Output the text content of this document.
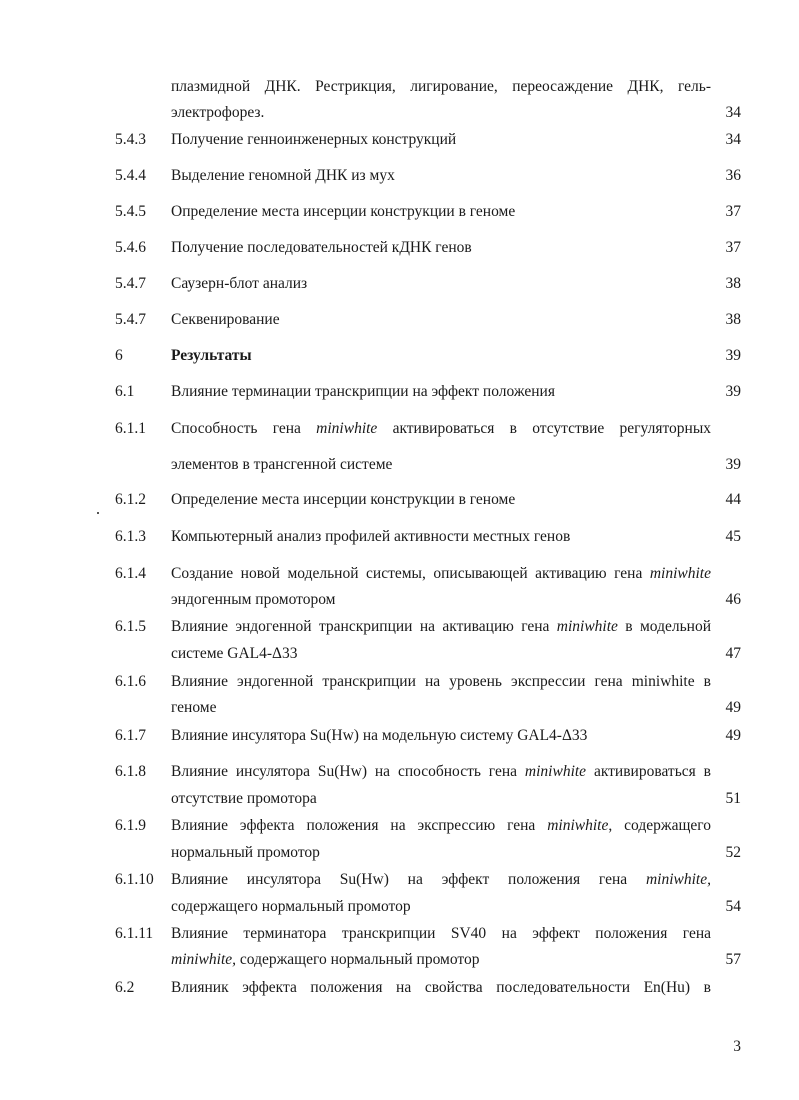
плазмидной ДНК. Рестрикция, лигирование, переосаждение ДНК, гель-
электрофорез.	34
5.4.3 Получение генноинженерных конструкций	34
5.4.4 Выделение геномной ДНК из мух	36
5.4.5 Определение места инсерции конструкции в геноме	37
5.4.6 Получение последовательностей кДНК генов	37
5.4.7 Саузерн-блот анализ	38
5.4.7 Секвенирование	38
6	Результаты	39
6.1 Влияние терминации транскрипции на эффект положения	39
6.1.1 Способность гена miniwhite активироваться в отсутствие регуляторных
элементов в трансгенной системе	39
6.1.2 Определение места инсерции конструкции в геноме	44
6.1.3 Компьютерный анализ профилей активности местных генов	45
6.1.4 Создание новой модельной системы, описывающей активацию гена miniwhite
эндогенным промотором	46
6.1.5 Влияние эндогенной транскрипции на активацию гена miniwhite в модельной
системе GAL4-Δ33	47
6.1.6 Влияние эндогенной транскрипции на уровень экспрессии гена miniwhite в
геноме	49
6.1.7 Влияние инсулятора Su(Hw) на модельную систему GAL4-Δ33	49
6.1.8 Влияние инсулятора Su(Hw) на способность гена miniwhite активироваться в
отсутствие промотора	51
6.1.9 Влияние эффекта положения на экспрессию гена miniwhite, содержащего
нормальный промотор	52
6.1.10 Влияние инсулятора Su(Hw) на эффект положения гена miniwhite,
содержащего нормальный промотор	54
6.1.11 Влияние терминатора транскрипции SV40 на эффект положения гена
miniwhite, содержащего нормальный промотор	57
6.2 Влияник эффекта положения на свойства последовательности En(Hu) в
3
